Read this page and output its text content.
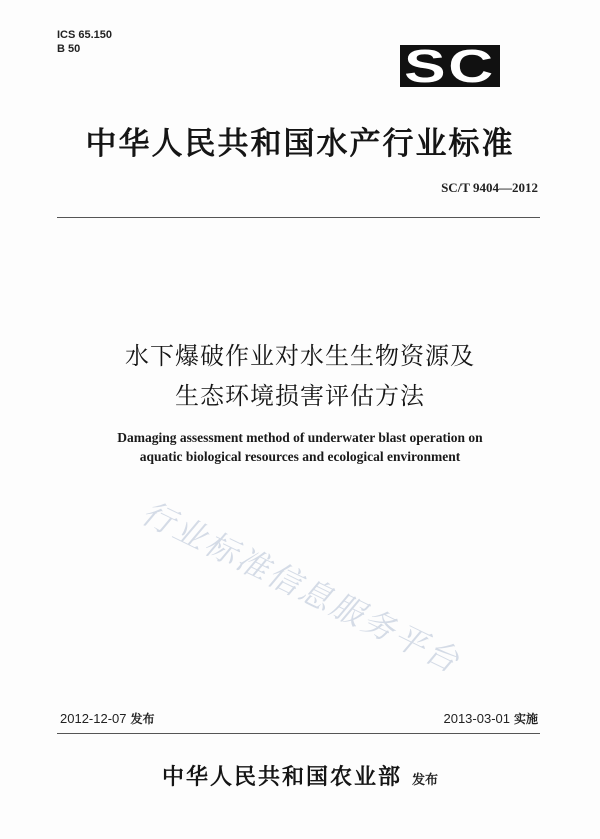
ICS 65.150
B 50	SC
中华人民共和国水产行业标准
SC/T 9404—2012
水下爆破作业对水生生物资源及
生态环境损害评估方法
Damaging assessment method of underwater blast operation on
aquatic biological resources and ecological environment
行业标准信息服务平台
2012-12-07 发布	2013-03-01 实施
中华人民共和国农业部 发布
